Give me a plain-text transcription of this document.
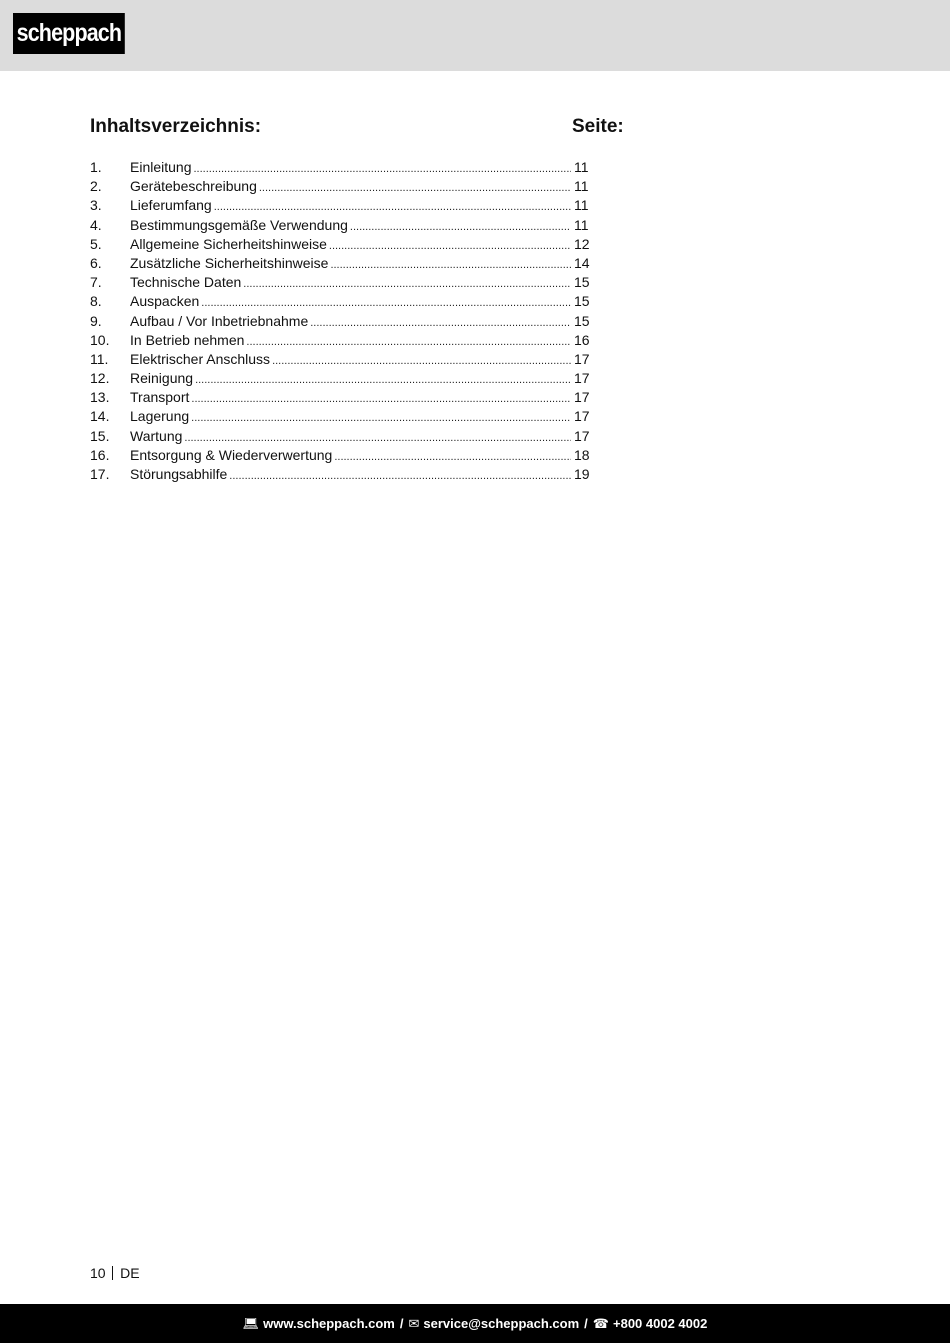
scheppach
Inhaltsverzeichnis:	Seite:
1.	Einleitung .....	11
2.	Gerätebeschreibung .....	11
3.	Lieferumfang .....	11
4.	Bestimmungsgemäße Verwendung .....	11
5.	Allgemeine Sicherheitshinweise .....	12
6.	Zusätzliche Sicherheitshinweise .....	14
7.	Technische Daten .....	15
8.	Auspacken .....	15
9.	Aufbau / Vor Inbetriebnahme .....	15
10.	In Betrieb nehmen .....	16
11.	Elektrischer Anschluss .....	17
12.	Reinigung .....	17
13.	Transport .....	17
14.	Lagerung .....	17
15.	Wartung .....	17
16.	Entsorgung & Wiederverwertung .....	18
17.	Störungsabhilfe .....	19
10 DE
💻︎ www.scheppach.com / ✉︎ service@scheppach.com / ☎︎ +800 4002 4002
